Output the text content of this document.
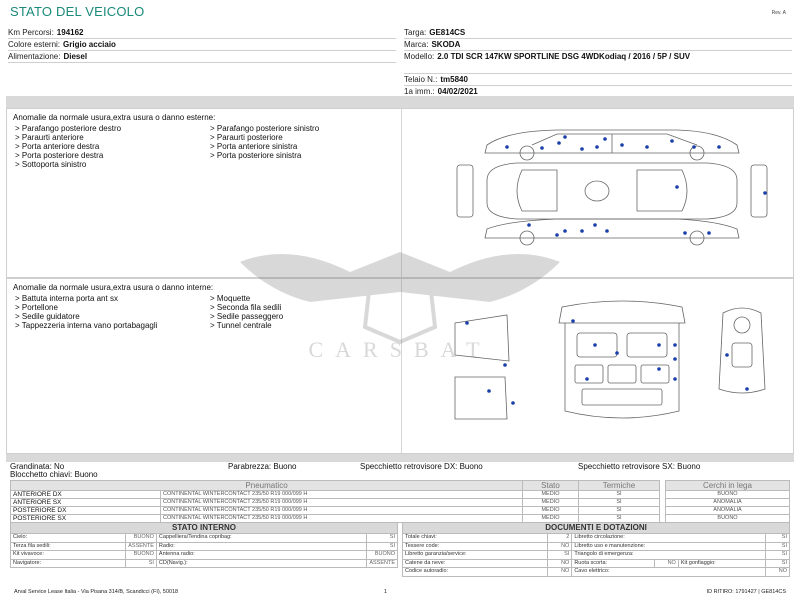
STATO DEL VEICOLO	Rev. A
Km Percorsi: 194162
Colore esterni: Grigio acciaio
Alimentazione: Diesel
Targa: GE814CS
Marca: SKODA
Modello: 2.0 TDI SCR 147KW SPORTLINE DSG 4WDKodiaq / 2016 / 5P / SUV
Telaio N.: tm5840
1a imm.: 04/02/2021
Anomalie da normale usura,extra usura o danno esterne:
> Parafango posteriore destro
> Paraurti anteriore
> Porta anteriore destra
> Porta posteriore destra
> Sottoporta sinistro
> Parafango posteriore sinistro
> Paraurti posteriore
> Porta anteriore sinistra
> Porta posteriore sinistra
Anomalie da normale usura,extra usura o danno interne:
> Battuta interna porta ant sx
> Portellone
> Sedile guidatore
> Tappezzeria interna vano portabagagli
> Moquette
> Seconda fila sedili
> Sedile passeggero
> Tunnel centrale
CARSBAT
Grandinata: No
Blocchetto chiavi: Buono
Parabrezza: Buono	Specchietto retrovisore DX: Buono	Specchietto retrovisore SX: Buono
Pneumatico		Stato	Termiche
ANTERIORE DX	CONTINENTAL WINTERCONTACT 235/50 R19 000/099 H	MEDIO	SI
ANTERIORE SX	CONTINENTAL WINTERCONTACT 235/50 R19 000/099 H	MEDIO	SI
POSTERIORE DX	CONTINENTAL WINTERCONTACT 235/50 R19 000/099 H	MEDIO	SI
POSTERIORE SX	CONTINENTAL WINTERCONTACT 235/50 R19 000/099 H	MEDIO	SI
Cerchi in lega
BUONO
ANOMALIA
ANOMALIA
BUONO
STATO INTERNO			
Cielo:	BUONO	Cappelliera/Tendina copribag:	SI
Terza fila sedili:	ASSENTE	Radio:	SI
Kit vivavoce:	BUONO	Antenna radio:	BUONO
Navigatore:	SI	CD(Navig.):	ASSENTE
DOCUMENTI E DOTAZIONI					
Totale chiavi:	2	Libretto circolazione:			SI
Tessere code:	NO	Libretto uso e manutenzione:			SI
Libretto garanzia/service:	SI	Triangolo di emergenza:			SI
Catene da neve:	NO	Ruota scorta:	NO	Kit gonfiaggio:	SI
Codice autoradio:	NO	Cavo elettrico:			NO
Arval Service Lease Italia - Via Pisana 314/B, Scandicci (FI), 50018	1	ID RITIRO: 1791427 | GE814CS
